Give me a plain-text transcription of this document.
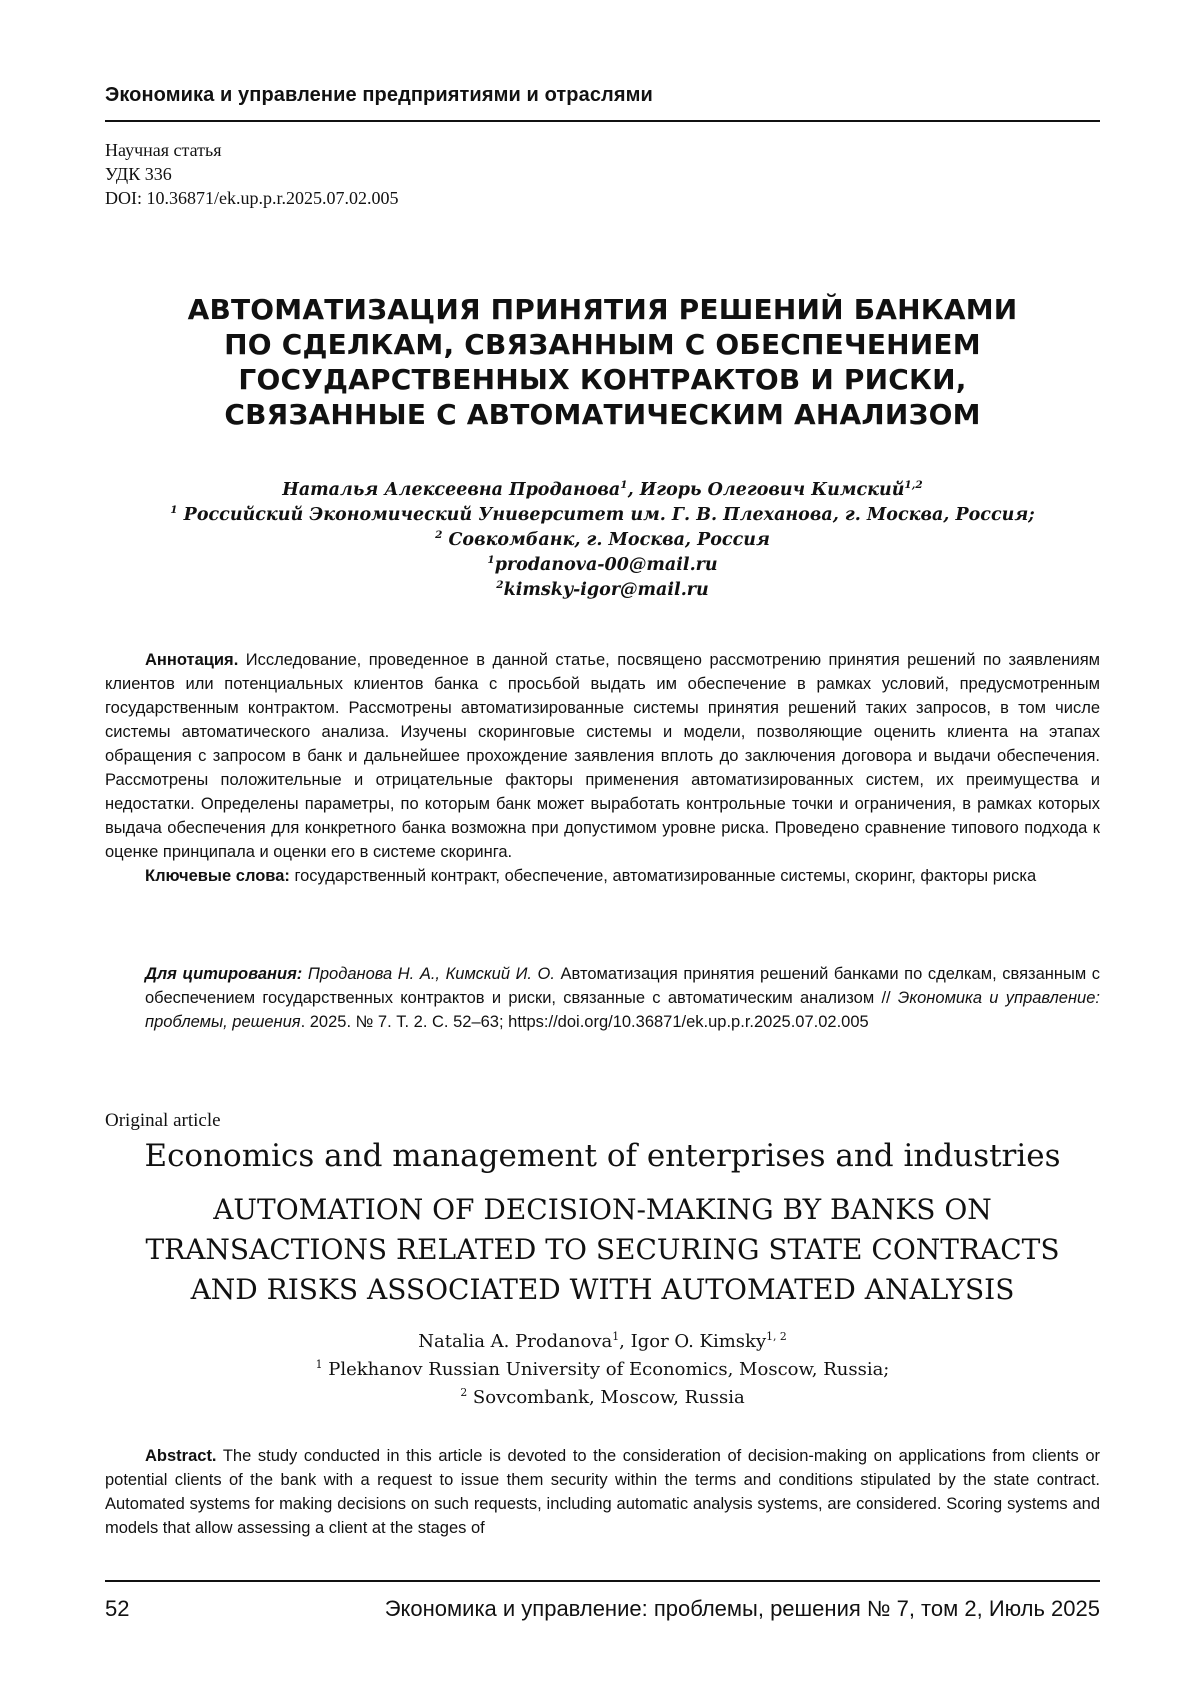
Экономика и управление предприятиями и отраслями
Научная статья
УДК 336
DOI: 10.36871/ek.up.p.r.2025.07.02.005
АВТОМАТИЗАЦИЯ ПРИНЯТИЯ РЕШЕНИЙ БАНКАМИ
ПО СДЕЛКАМ, СВЯЗАННЫМ С ОБЕСПЕЧЕНИЕМ
ГОСУДАРСТВЕННЫХ КОНТРАКТОВ И РИСКИ,
СВЯЗАННЫЕ С АВТОМАТИЧЕСКИМ АНАЛИЗОМ
Наталья Алексеевна Проданова$^1$, Игорь Олегович Кимский$^{1,2}$
$^1$ Российский Экономический Университет им. Г. В. Плеханова, г. Москва, Россия;
$^2$ Совкомбанк, г. Москва, Россия
$^1$prodanova-00@mail.ru
$^2$kimsky-igor@mail.ru

Аннотация. Исследование, проведенное в данной статье, посвящено рассмотрению принятия решений по заявлениям клиентов или потенциальных клиентов банка с просьбой выдать им обеспечение в рамках условий, предусмотренным государственным контрактом. Рассмотрены автоматизированные системы принятия решений таких запросов, в том числе системы автоматического анализа. Изучены скоринговые системы и модели, позволяющие оценить клиента на этапах обращения с запросом в банк и дальнейшее прохождение заявления вплоть до заключения договора и выдачи обеспечения. Рассмотрены положительные и отрицательные факторы применения автоматизированных систем, их преимущества и недостатки. Определены параметры, по которым банк может выработать контрольные точки и ограничения, в рамках которых выдача обеспечения для конкретного банка возможна при допустимом уровне риска. Проведено сравнение типового подхода к оценке принципала и оценки его в системе скоринга.

Ключевые слова: государственный контракт, обеспечение, автоматизированные системы, скоринг, факторы риска

Для цитирования: Проданова Н. А., Кимский И. О. Автоматизация принятия решений банками по сделкам, связанным с обеспечением государственных контрактов и риски, связанные с автоматическим анализом // Экономика и управление: проблемы, решения. 2025. № 7. Т. 2. С. 52–63; https://doi.org/10.36871/ek.up.p.r.2025.07.02.005
Original article
Economics and management of enterprises and industries
AUTOMATION OF DECISION-MAKING BY BANKS ON
TRANSACTIONS RELATED TO SECURING STATE CONTRACTS
AND RISKS ASSOCIATED WITH AUTOMATED ANALYSIS
Natalia A. Prodanova$^1$, Igor O. Kimsky$^{1, 2}$
$^1$ Plekhanov Russian University of Economics, Moscow, Russia;
$^2$ Sovcombank, Moscow, Russia
Abstract. The study conducted in this article is devoted to the consideration of decision-making on applications from clients or potential clients of the bank with a request to issue them security within the terms and conditions stipulated by the state contract. Automated systems for making decisions on such requests, including automatic analysis systems, are considered. Scoring systems and models that allow assessing a client at the stages of
52	Экономика и управление: проблемы, решения № 7, том 2, Июль 2025
